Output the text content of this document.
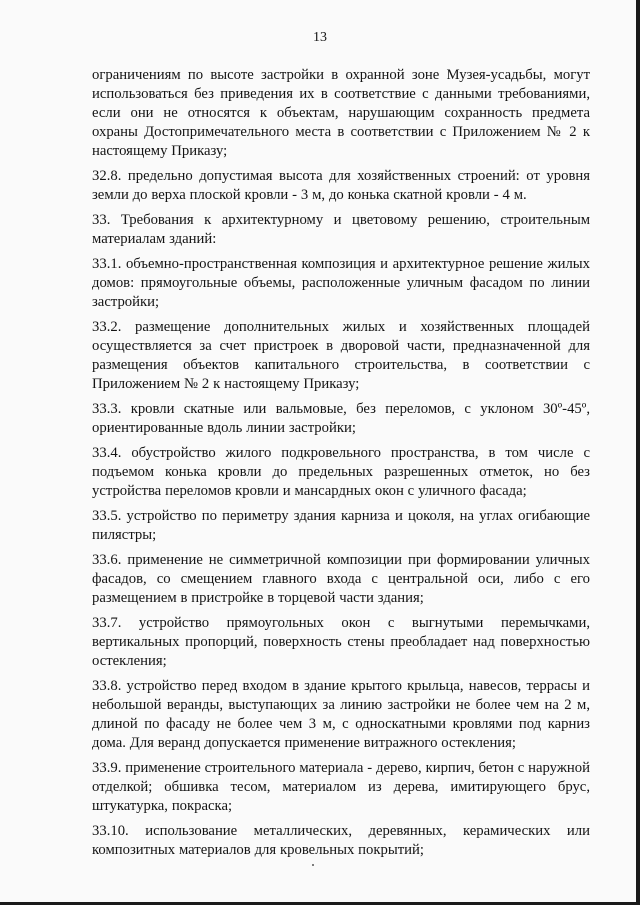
13

ограничениям по высоте застройки в охранной зоне Музея-усадьбы, могут использоваться без приведения их в соответствие с данными требованиями, если они не относятся к объектам, нарушающим сохранность предмета охраны Достопримечательного места в соответствии с Приложением № 2 к настоящему Приказу;

32.8. предельно допустимая высота для хозяйственных строений: от уровня земли до верха плоской кровли - 3 м, до конька скатной кровли - 4 м.

33. Требования к архитектурному и цветовому решению, строительным материалам зданий:

33.1. объемно-пространственная композиция и архитектурное решение жилых домов: прямоугольные объемы, расположенные уличным фасадом по линии застройки;

33.2. размещение дополнительных жилых и хозяйственных площадей осуществляется за счет пристроек в дворовой части, предназначенной для размещения объектов капитального строительства, в соответствии с Приложением № 2 к настоящему Приказу;

33.3. кровли скатные или вальмовые, без переломов, с уклоном 30º-45º, ориентированные вдоль линии застройки;

33.4. обустройство жилого подкровельного пространства, в том числе с подъемом конька кровли до предельных разрешенных отметок, но без устройства переломов кровли и мансардных окон с уличного фасада;

33.5. устройство по периметру здания карниза и цоколя, на углах огибающие пилястры;

33.6. применение не симметричной композиции при формировании уличных фасадов, со смещением главного входа с центральной оси, либо с его размещением в пристройке в торцевой части здания;

33.7. устройство прямоугольных окон с выгнутыми перемычками, вертикальных пропорций, поверхность стены преобладает над поверхностью остекления;

33.8. устройство перед входом в здание крытого крыльца, навесов, террасы и небольшой веранды, выступающих за линию застройки не более чем на 2 м, длиной по фасаду не более чем 3 м, с односкатными кровлями под карниз дома. Для веранд допускается применение витражного остекления;

33.9. применение строительного материала - дерево, кирпич, бетон с наружной отделкой; обшивка тесом, материалом из дерева, имитирующего брус, штукатурка, покраска;

33.10. использование металлических, деревянных, керамических или композитных материалов для кровельных покрытий;
